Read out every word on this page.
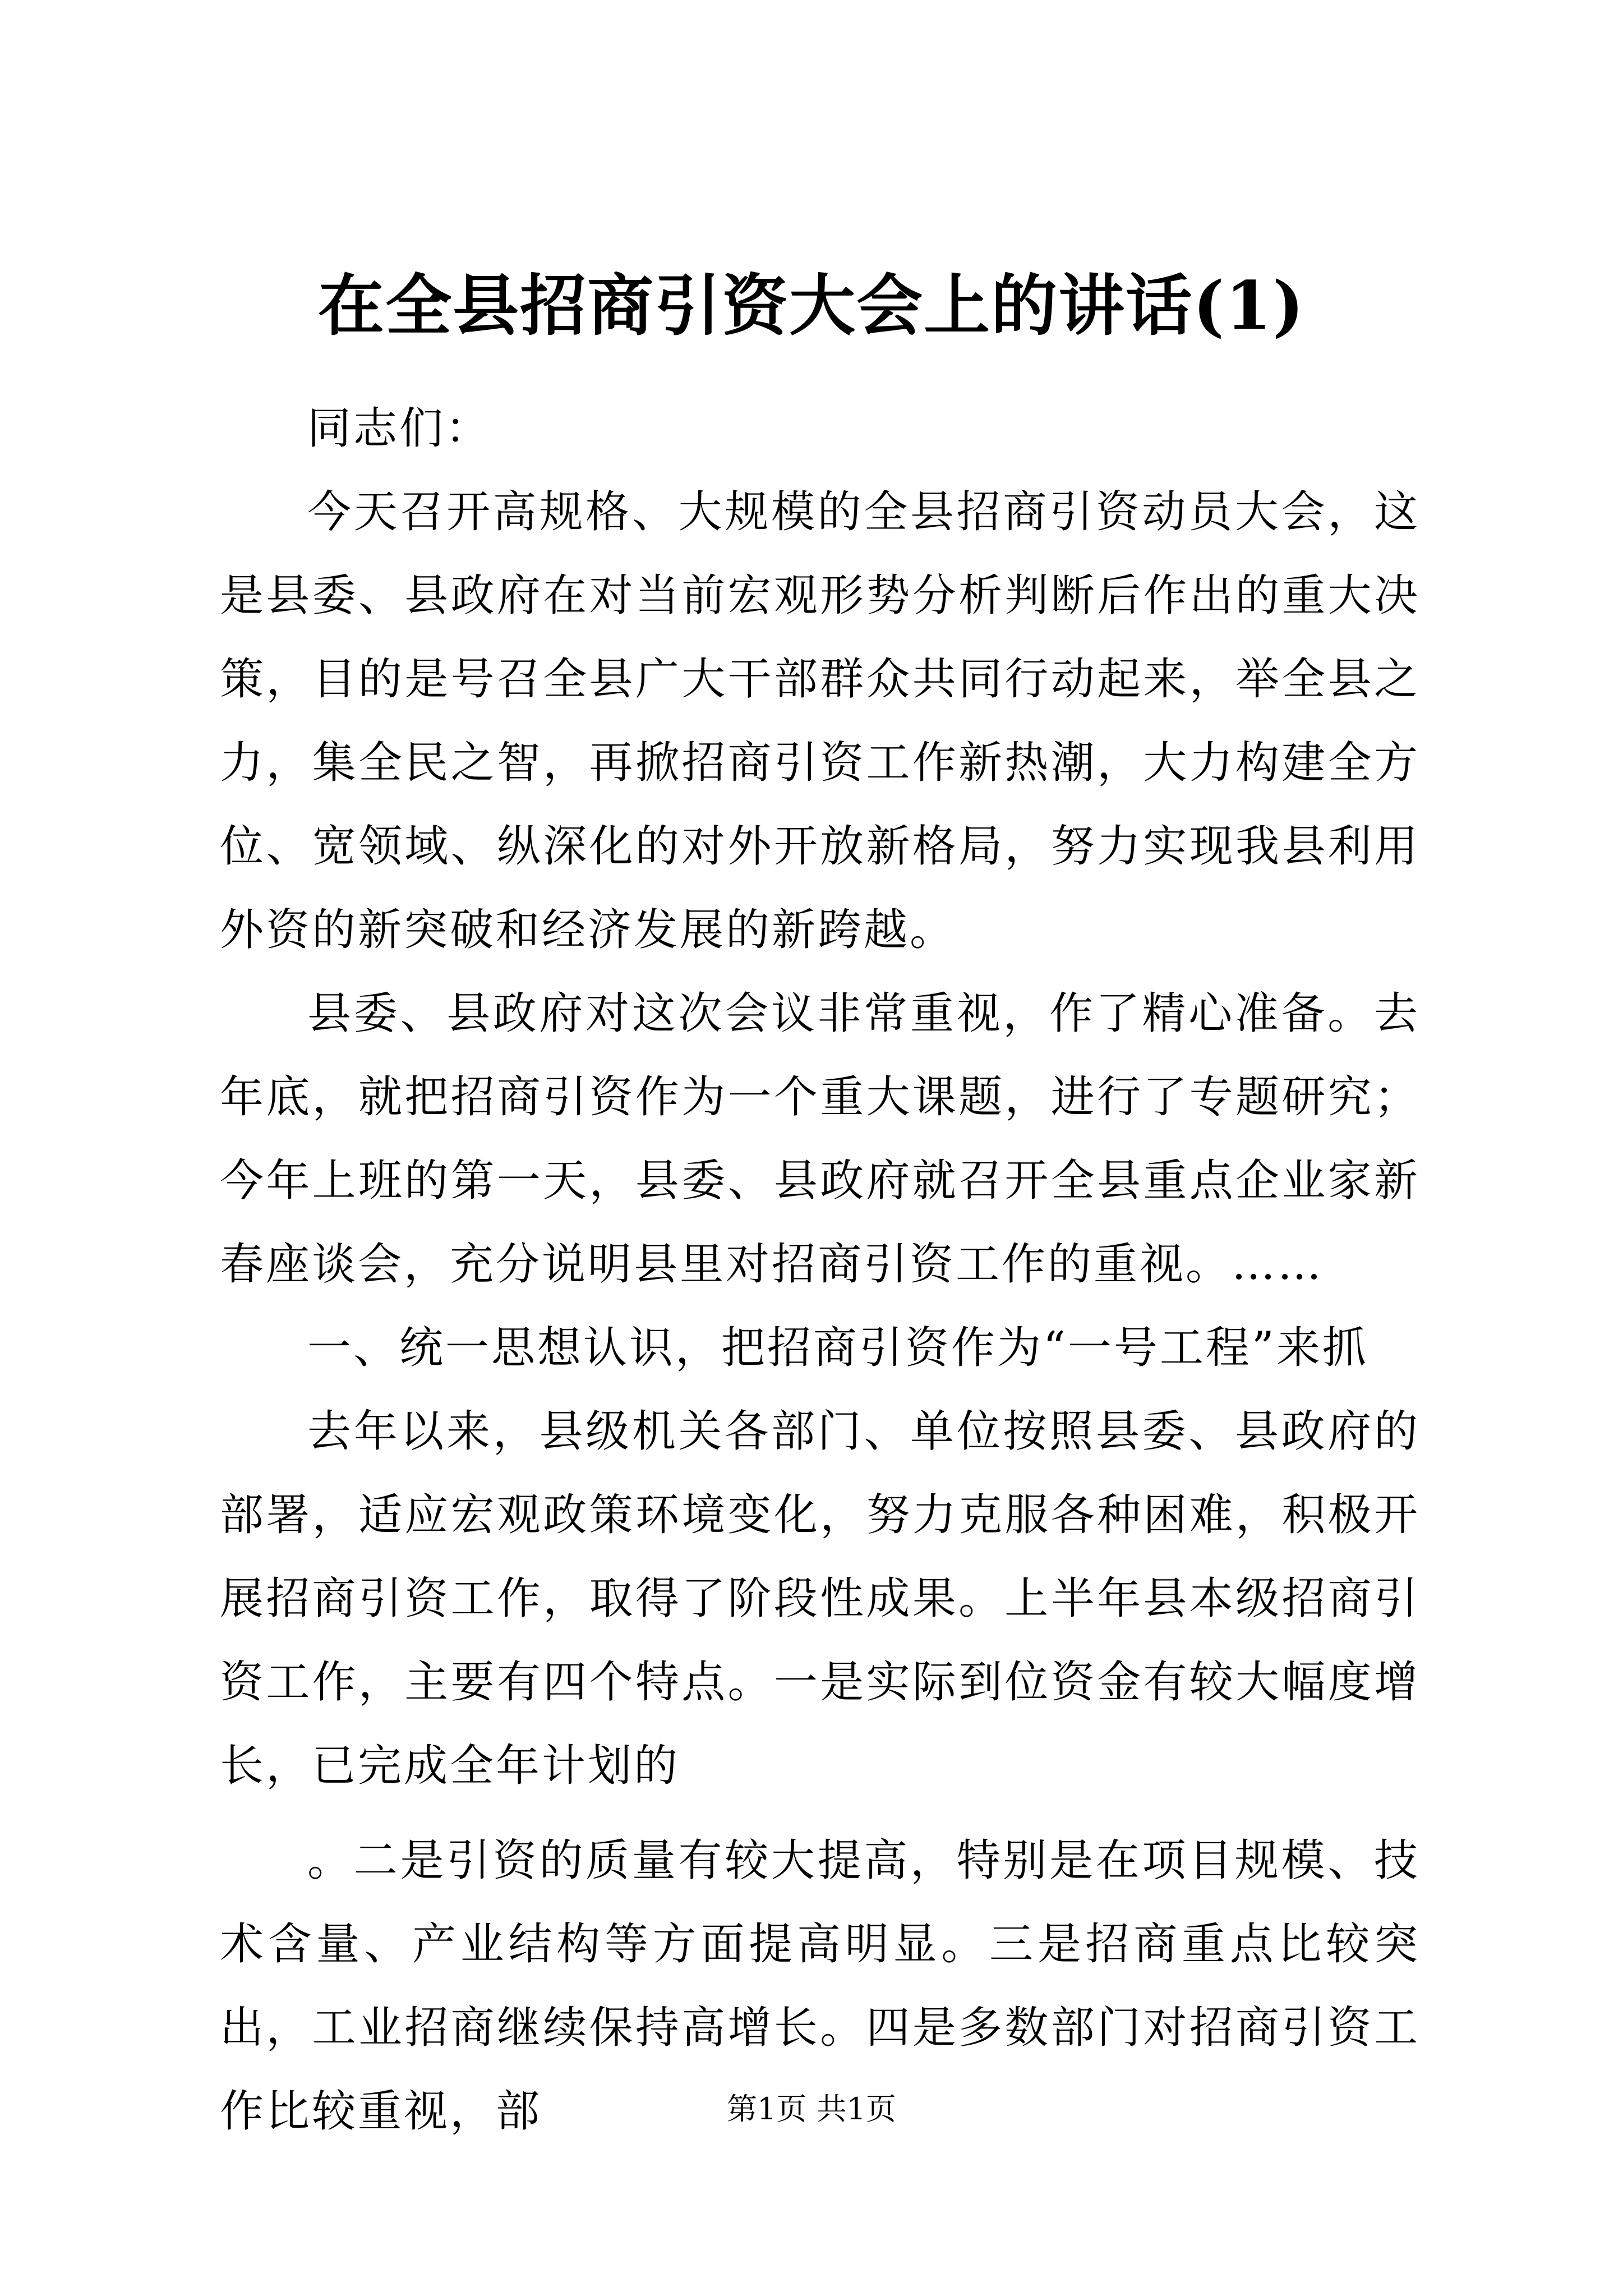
在全县招商引资大会上的讲话(1)

同志们：

今天召开高规格、大规模的全县招商引资动员大会，这是县委、县政府在对当前宏观形势分析判断后作出的重大决策，目的是号召全县广大干部群众共同行动起来，举全县之力，集全民之智，再掀招商引资工作新热潮，大力构建全方位、宽领域、纵深化的对外开放新格局，努力实现我县利用外资的新突破和经济发展的新跨越。

县委、县政府对这次会议非常重视，作了精心准备。去年底，就把招商引资作为一个重大课题，进行了专题研究；今年上班的第一天，县委、县政府就召开全县重点企业家新春座谈会，充分说明县里对招商引资工作的重视。……

一、统一思想认识，把招商引资作为“一号工程”来抓

去年以来，县级机关各部门、单位按照县委、县政府的部署，适应宏观政策环境变化，努力克服各种困难，积极开展招商引资工作，取得了阶段性成果。上半年县本级招商引资工作，主要有四个特点。一是实际到位资金有较大幅度增长，已完成全年计划的

。二是引资的质量有较大提高，特别是在项目规模、技术含量、产业结构等方面提高明显。三是招商重点比较突出，工业招商继续保持高增长。四是多数部门对招商引资工作比较重视，部	第1页 共1页
